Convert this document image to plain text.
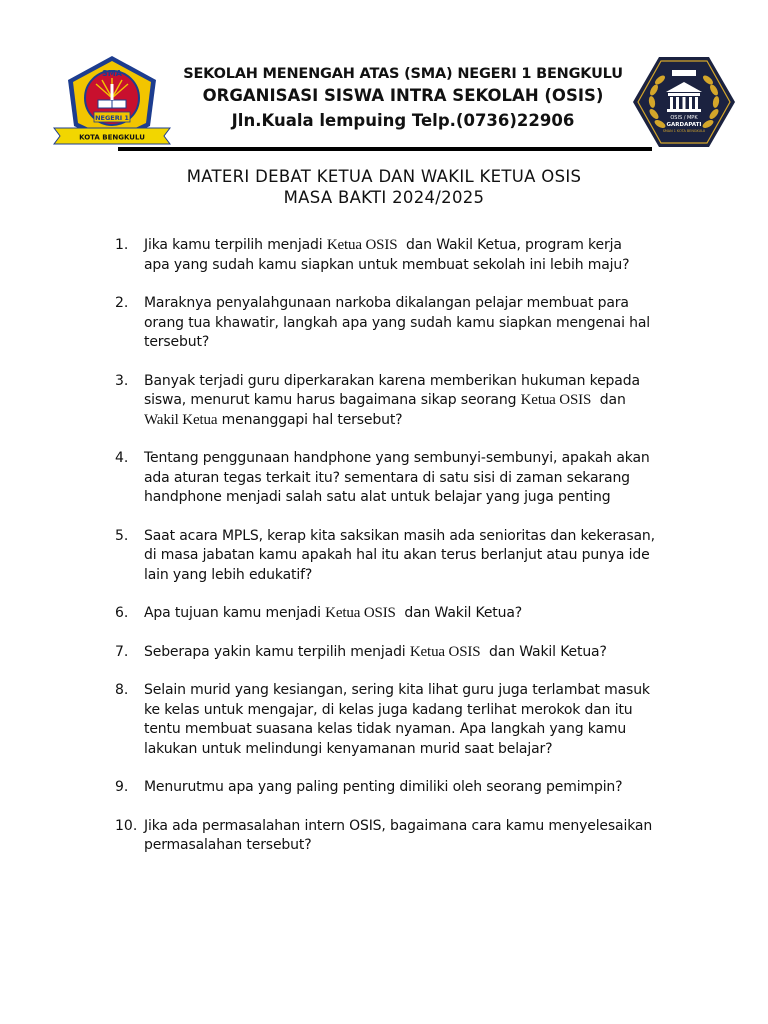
SMA
NEGERI 1
KOTA BENGKULU
SEKOLAH MENENGAH ATAS (SMA) NEGERI 1 BENGKULU
ORGANISASI SISWA INTRA SEKOLAH (OSIS)
Jln.Kuala lempuing Telp.(0736)22906	OSIS / MPK
GARDAPATI
SMAN 1 KOTA BENGKULU
MATERI DEBAT KETUA DAN WAKIL KETUA OSIS
MASA BAKTI 2024/2025
1. Jika kamu terpilih menjadi Ketua OSIS  dan Wakil Ketua, program kerja
apa yang sudah kamu siapkan untuk membuat sekolah ini lebih maju?
2. Maraknya penyalahgunaan narkoba dikalangan pelajar membuat para
orang tua khawatir, langkah apa yang sudah kamu siapkan mengenai hal
tersebut?
3. Banyak terjadi guru diperkarakan karena memberikan hukuman kepada
siswa, menurut kamu harus bagaimana sikap seorang Ketua OSIS  dan
Wakil Ketua menanggapi hal tersebut?
4. Tentang penggunaan handphone yang sembunyi-sembunyi, apakah akan
ada aturan tegas terkait itu? sementara di satu sisi di zaman sekarang
handphone menjadi salah satu alat untuk belajar yang juga penting
5. Saat acara MPLS, kerap kita saksikan masih ada senioritas dan kekerasan,
di masa jabatan kamu apakah hal itu akan terus berlanjut atau punya ide
lain yang lebih edukatif?
6. Apa tujuan kamu menjadi Ketua OSIS  dan Wakil Ketua?
7. Seberapa yakin kamu terpilih menjadi Ketua OSIS  dan Wakil Ketua?
8. Selain murid yang kesiangan, sering kita lihat guru juga terlambat masuk
ke kelas untuk mengajar, di kelas juga kadang terlihat merokok dan itu
tentu membuat suasana kelas tidak nyaman. Apa langkah yang kamu
lakukan untuk melindungi kenyamanan murid saat belajar?
9. Menurutmu apa yang paling penting dimiliki oleh seorang pemimpin?
10. Jika ada permasalahan intern OSIS, bagaimana cara kamu menyelesaikan
permasalahan tersebut?
